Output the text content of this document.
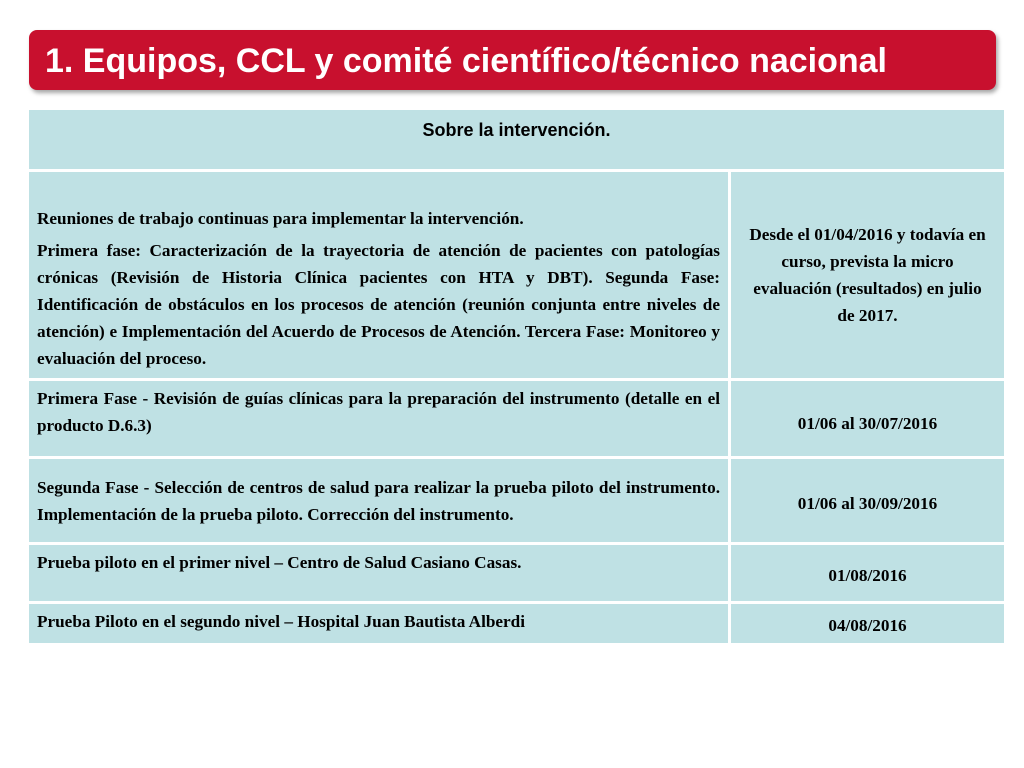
1. Equipos, CCL y comité científico/técnico nacional
Sobre la intervención.	

Reuniones de trabajo continuas para implementar la intervención.
Primera fase: Caracterización de la trayectoria de atención de pacientes con patologías crónicas (Revisión de Historia Clínica pacientes con HTA y DBT). Segunda Fase: Identificación de obstáculos en los procesos de atención (reunión conjunta entre niveles de atención) e Implementación del Acuerdo de Procesos de Atención. Tercera Fase: Monitoreo y evaluación del proceso.	Desde el 01/04/2016 y todavía en curso, prevista la micro evaluación (resultados) en julio de 2017.
Primera Fase - Revisión de guías clínicas para la preparación del instrumento (detalle en el producto D.6.3)	01/06 al 30/07/2016
Segunda Fase - Selección de centros de salud para realizar la prueba piloto del instrumento. Implementación de la prueba piloto. Corrección del instrumento.	01/06 al 30/09/2016
Prueba piloto en el primer nivel – Centro de Salud Casiano Casas.	01/08/2016
Prueba Piloto en el segundo nivel – Hospital Juan Bautista Alberdi	04/08/2016
